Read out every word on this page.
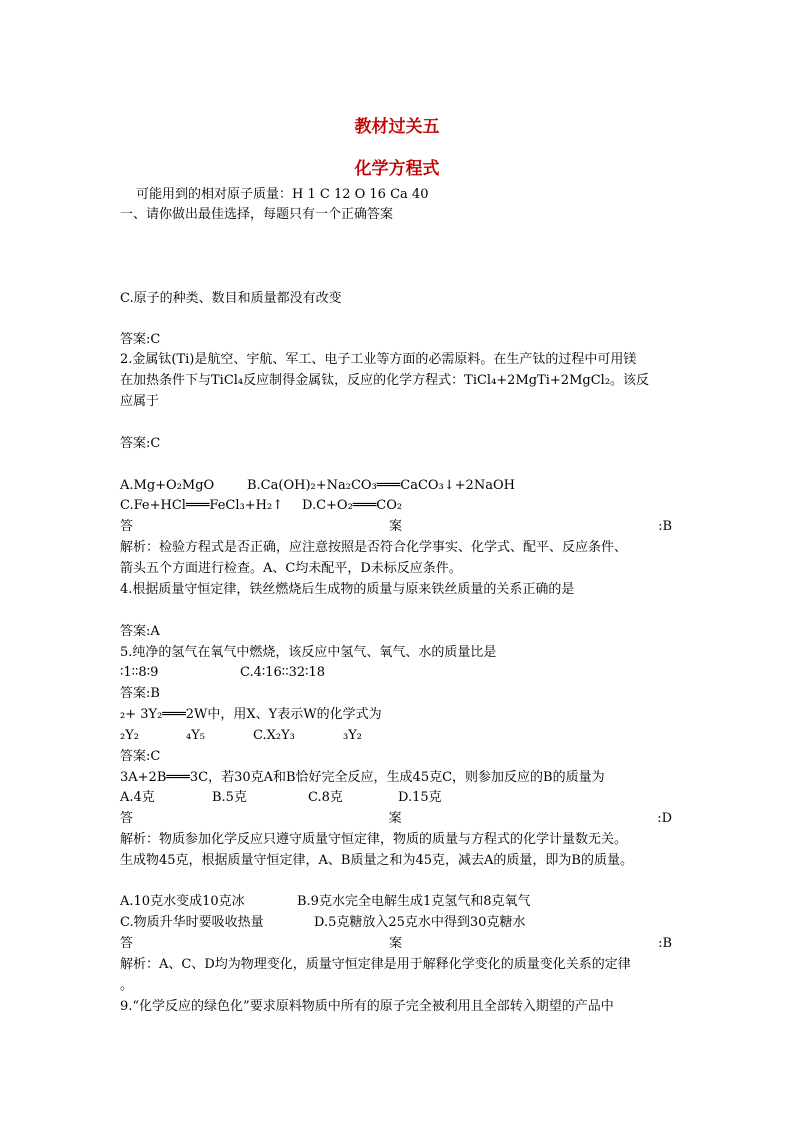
教材过关五
化学方程式
可能用到的相对原子质量：H 1 C 12 O 16 Ca 40
一、请你做出最佳选择，每题只有一个正确答案
C.原子的种类、数目和质量都没有改变
答案:C
2.金属钛(Ti)是航空、宇航、军工、电子工业等方面的必需原料。在生产钛的过程中可用镁
在加热条件下与TiCl₄反应制得金属钛，反应的化学方程式：TiCl₄+2MgTi+2MgCl₂。该反
应属于
答案:C
A.Mg+O₂MgO	B.Ca(OH)₂+Na₂CO₃═══CaCO₃↓+2NaOH
C.Fe+HCl═══FeCl₃+H₂↑ D.C+O₂═══CO₂
答	案	:B
解析：检验方程式是否正确，应注意按照是否符合化学事实、化学式、配平、反应条件、
箭头五个方面进行检查。A、C均未配平，D未标反应条件。
4.根据质量守恒定律，铁丝燃烧后生成物的质量与原来铁丝质量的关系正确的是
答案:A
5.纯净的氢气在氧气中燃烧，该反应中氢气、氧气、水的质量比是
∶1∶∶8∶9	C.4∶16∶∶32∶18
答案:B
₂+ 3Y₂═══2W中，用X、Y表示W的化学式为
₂Y₂	₄Y₅	C.X₂Y₃	₃Y₂
答案:C
3A+2B═══3C，若30克A和B恰好完全反应，生成45克C，则参加反应的B的质量为
A.4克	B.5克	C.8克	D.15克
答	案	:D
解析：物质参加化学反应只遵守质量守恒定律，物质的质量与方程式的化学计量数无关。
生成物45克，根据质量守恒定律，A、B质量之和为45克，减去A的质量，即为B的质量。
A.10克水变成10克冰	B.9克水完全电解生成1克氢气和8克氧气
C.物质升华时要吸收热量	D.5克糖放入25克水中得到30克糖水
答	案	:B
解析：A、C、D均为物理变化，质量守恒定律是用于解释化学变化的质量变化关系的定律
。
9.“化学反应的绿色化”要求原料物质中所有的原子完全被利用且全部转入期望的产品中
